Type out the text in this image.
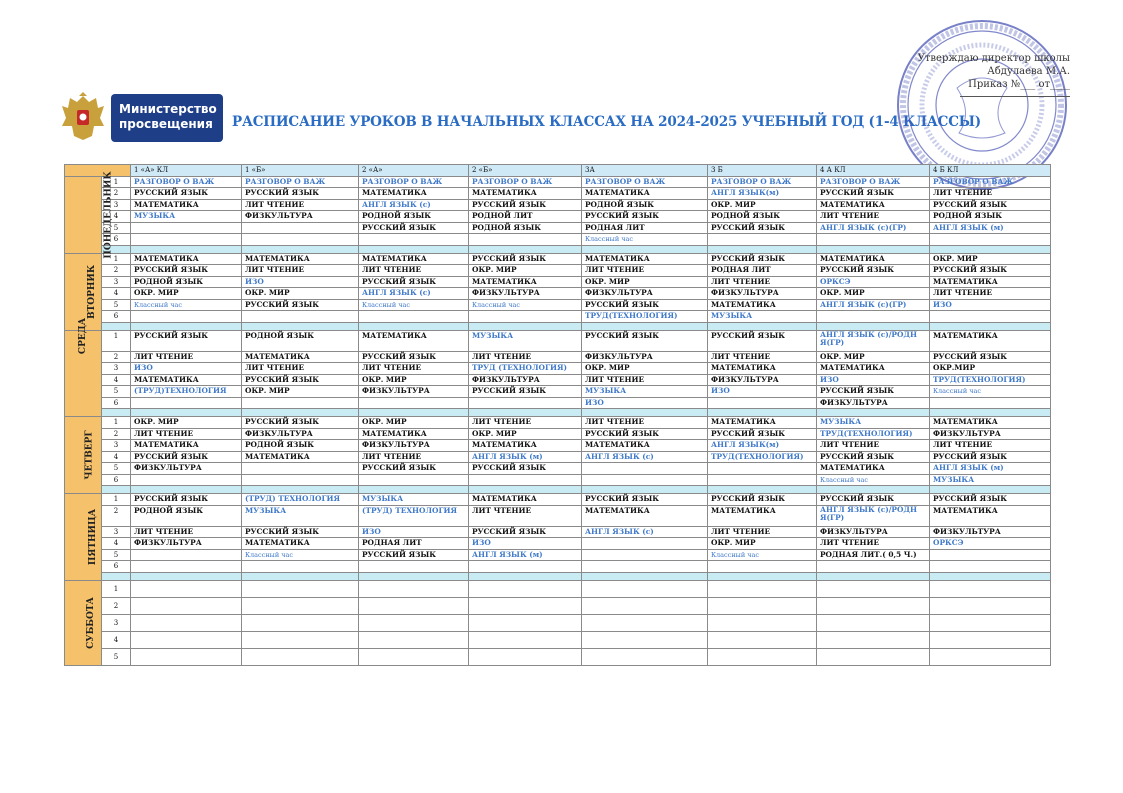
Министерство
просвещения	РАСПИСАНИЕ УРОКОВ В НАЧАЛЬНЫХ КЛАССАХ НА 2024-2025 УЧЕБНЫЙ ГОД (1-4 КЛАССЫ)
Утверждаю директор школы
Абдулаева М.А.
Приказ №___ от____
		1 «А» КЛ	1 «Б»	2 «А»	2 «Б»	3А	3 Б	4 А КЛ	4 Б КЛ
ПОНЕДЕЛЬНИК	1	РАЗГОВОР О ВАЖ	РАЗГОВОР О ВАЖ	РАЗГОВОР О ВАЖ	РАЗГОВОР О ВАЖ	РАЗГОВОР О ВАЖ	РАЗГОВОР О ВАЖ	РАЗГОВОР О ВАЖ	РАЗГОВОР О ВАЖ
	2	РУССКИЙ ЯЗЫК	РУССКИЙ ЯЗЫК	МАТЕМАТИКА	МАТЕМАТИКА	МАТЕМАТИКА	АНГЛ ЯЗЫК(м)	РУССКИЙ ЯЗЫК	ЛИТ ЧТЕНИЕ
	3	МАТЕМАТИКА	ЛИТ ЧТЕНИЕ	АНГЛ ЯЗЫК (с)	РУССКИЙ ЯЗЫК	РОДНОЙ ЯЗЫК	ОКР. МИР	МАТЕМАТИКА	РУССКИЙ ЯЗЫК
	4	МУЗЫКА	ФИЗКУЛЬТУРА	РОДНОЙ ЯЗЫК	РОДНОЙ ЛИТ	РУССКИЙ ЯЗЫК	РОДНОЙ ЯЗЫК	ЛИТ ЧТЕНИЕ	РОДНОЙ ЯЗЫК
	5			РУССКИЙ ЯЗЫК	РОДНОЙ ЯЗЫК	РОДНАЯ ЛИТ	РУССКИЙ ЯЗЫК	АНГЛ ЯЗЫК (с)(ГР)	АНГЛ ЯЗЫК (м)
	6					Классный час			

ВТОРНИК	1	МАТЕМАТИКА	МАТЕМАТИКА	МАТЕМАТИКА	РУССКИЙ ЯЗЫК	МАТЕМАТИКА	РУССКИЙ ЯЗЫК	МАТЕМАТИКА	ОКР. МИР
	2	РУССКИЙ ЯЗЫК	ЛИТ ЧТЕНИЕ	ЛИТ ЧТЕНИЕ	ОКР. МИР	ЛИТ ЧТЕНИЕ	РОДНАЯ ЛИТ	РУССКИЙ ЯЗЫК	РУССКИЙ ЯЗЫК
	3	РОДНОЙ ЯЗЫК	ИЗО	РУССКИЙ ЯЗЫК	МАТЕМАТИКА	ОКР. МИР	ЛИТ ЧТЕНИЕ	ОРКСЭ	МАТЕМАТИКА
	4	ОКР. МИР	ОКР. МИР	АНГЛ ЯЗЫК (с)	ФИЗКУЛЬТУРА	ФИЗКУЛЬТУРА	ФИЗКУЛЬТУРА	ОКР. МИР	ЛИТ ЧТЕНИЕ
	5	Классный час	РУССКИЙ ЯЗЫК	Классный час	Классный час	РУССКИЙ ЯЗЫК	МАТЕМАТИКА	АНГЛ ЯЗЫК (с)(ГР)	ИЗО
	6					ТРУД(ТЕХНОЛОГИЯ)	МУЗЫКА		

СРЕДА	1	РУССКИЙ ЯЗЫК	РОДНОЙ ЯЗЫК	МАТЕМАТИКА	МУЗЫКА	РУССКИЙ ЯЗЫК	РУССКИЙ ЯЗЫК	АНГЛ ЯЗЫК (с)/РОДН Я(ГР)	МАТЕМАТИКА
	2	ЛИТ ЧТЕНИЕ	МАТЕМАТИКА	РУССКИЙ ЯЗЫК	ЛИТ ЧТЕНИЕ	ФИЗКУЛЬТУРА	ЛИТ ЧТЕНИЕ	ОКР. МИР	РУССКИЙ ЯЗЫК
	3	ИЗО	ЛИТ ЧТЕНИЕ	ЛИТ ЧТЕНИЕ	ТРУД (ТЕХНОЛОГИЯ)	ОКР. МИР	МАТЕМАТИКА	МАТЕМАТИКА	ОКР.МИР
	4	МАТЕМАТИКА	РУССКИЙ ЯЗЫК	ОКР. МИР	ФИЗКУЛЬТУРА	ЛИТ ЧТЕНИЕ	ФИЗКУЛЬТУРА	ИЗО	ТРУД(ТЕХНОЛОГИЯ)
	5	(ТРУД)ТЕХНОЛОГИЯ	ОКР. МИР	ФИЗКУЛЬТУРА	РУССКИЙ ЯЗЫК	МУЗЫКА	ИЗО	РУССКИЙ ЯЗЫК	Классный час
	6					ИЗО		ФИЗКУЛЬТУРА	

ЧЕТВЕРГ	1	ОКР. МИР	РУССКИЙ ЯЗЫК	ОКР. МИР	ЛИТ ЧТЕНИЕ	ЛИТ ЧТЕНИЕ	МАТЕМАТИКА	МУЗЫКА	МАТЕМАТИКА
	2	ЛИТ ЧТЕНИЕ	ФИЗКУЛЬТУРА	МАТЕМАТИКА	ОКР. МИР	РУССКИЙ ЯЗЫК	РУССКИЙ ЯЗЫК	ТРУД(ТЕХНОЛОГИЯ)	ФИЗКУЛЬТУРА
	3	МАТЕМАТИКА	РОДНОЙ ЯЗЫК	ФИЗКУЛЬТУРА	МАТЕМАТИКА	МАТЕМАТИКА	АНГЛ ЯЗЫК(м)	ЛИТ ЧТЕНИЕ	ЛИТ ЧТЕНИЕ
	4	РУССКИЙ ЯЗЫК	МАТЕМАТИКА	ЛИТ ЧТЕНИЕ	АНГЛ ЯЗЫК (м)	АНГЛ ЯЗЫК (с)	ТРУД(ТЕХНОЛОГИЯ)	РУССКИЙ ЯЗЫК	РУССКИЙ ЯЗЫК
	5	ФИЗКУЛЬТУРА		РУССКИЙ ЯЗЫК	РУССКИЙ ЯЗЫК			МАТЕМАТИКА	АНГЛ ЯЗЫК (м)
	6							Классный час	МУЗЫКА

ПЯТНИЦА	1	РУССКИЙ ЯЗЫК	(ТРУД) ТЕХНОЛОГИЯ	МУЗЫКА	МАТЕМАТИКА	РУССКИЙ ЯЗЫК	РУССКИЙ ЯЗЫК	РУССКИЙ ЯЗЫК	РУССКИЙ ЯЗЫК
	2	РОДНОЙ ЯЗЫК	МУЗЫКА	(ТРУД) ТЕХНОЛОГИЯ	ЛИТ ЧТЕНИЕ	МАТЕМАТИКА	МАТЕМАТИКА	АНГЛ ЯЗЫК (с)/РОДН Я(ГР)	МАТЕМАТИКА
	3	ЛИТ ЧТЕНИЕ	РУССКИЙ ЯЗЫК	ИЗО	РУССКИЙ ЯЗЫК	АНГЛ ЯЗЫК (с)	ЛИТ ЧТЕНИЕ	ФИЗКУЛЬТУРА	ФИЗКУЛЬТУРА
	4	ФИЗКУЛЬТУРА	МАТЕМАТИКА	РОДНАЯ ЛИТ	ИЗО		ОКР. МИР	ЛИТ ЧТЕНИЕ	ОРКСЭ
	5		Классный час	РУССКИЙ ЯЗЫК	АНГЛ ЯЗЫК (м)		Классный час	РОДНАЯ ЛИТ.( 0,5 Ч.)	
	6								

СУББОТА	1								
	2								
	3								
	4								
	5								
